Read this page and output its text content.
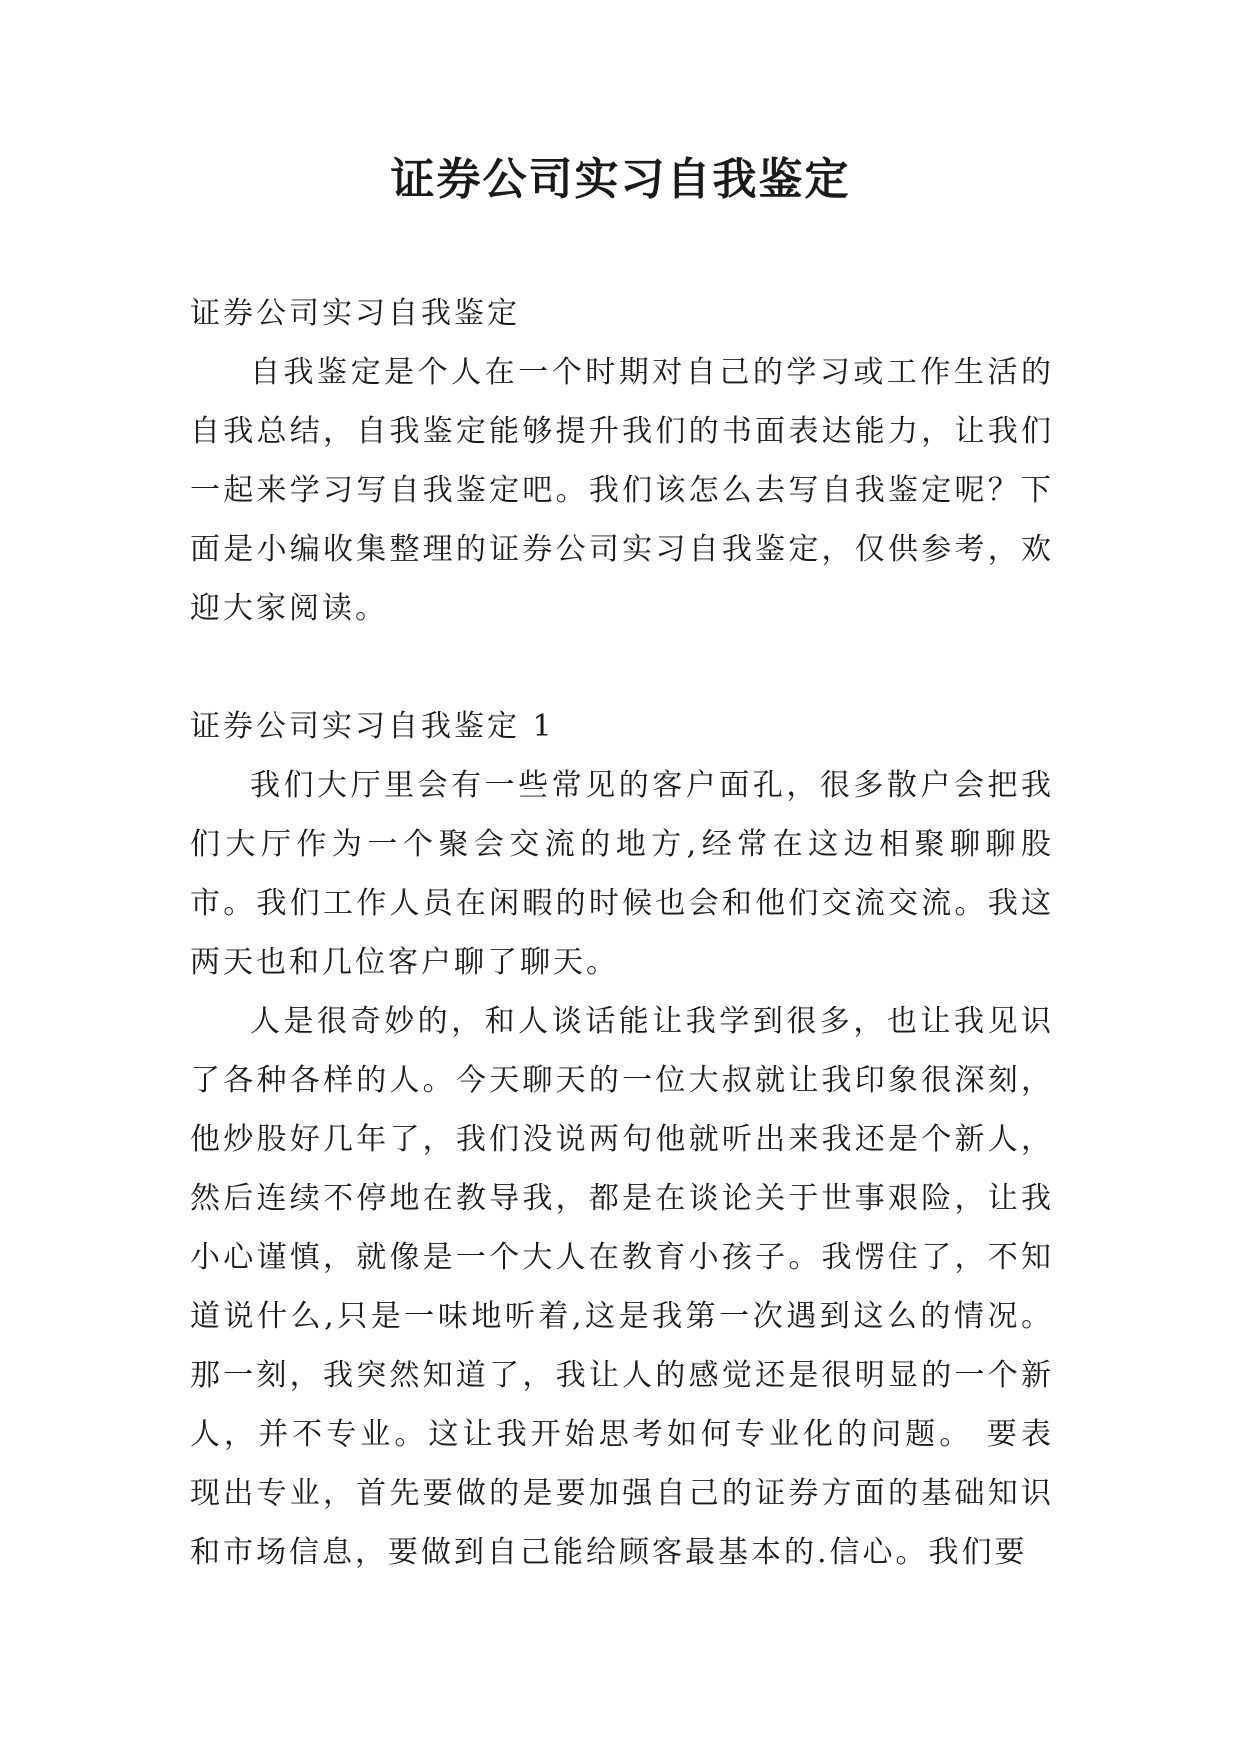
证券公司实习自我鉴定
证券公司实习自我鉴定

自我鉴定是个人在一个时期对自己的学习或工作生活的自我总结，自我鉴定能够提升我们的书面表达能力，让我们一起来学习写自我鉴定吧。我们该怎么去写自我鉴定呢？下面是小编收集整理的证券公司实习自我鉴定，仅供参考，欢迎大家阅读。

证券公司实习自我鉴定 1

我们大厅里会有一些常见的客户面孔，很多散户会把我们大厅作为一个聚会交流的地方,经常在这边相聚聊聊股市。我们工作人员在闲暇的时候也会和他们交流交流。我这两天也和几位客户聊了聊天。

人是很奇妙的，和人谈话能让我学到很多，也让我见识了各种各样的人。今天聊天的一位大叔就让我印象很深刻，他炒股好几年了，我们没说两句他就听出来我还是个新人，然后连续不停地在教导我，都是在谈论关于世事艰险，让我小心谨慎，就像是一个大人在教育小孩子。我愣住了，不知道说什么,只是一味地听着,这是我第一次遇到这么的情况。那一刻，我突然知道了，我让人的感觉还是很明显的一个新人，并不专业。这让我开始思考如何专业化的问题。 要表现出专业，首先要做的是要加强自己的证券方面的基础知识和市场信息，要做到自己能给顾客最基本的.信心。我们要
